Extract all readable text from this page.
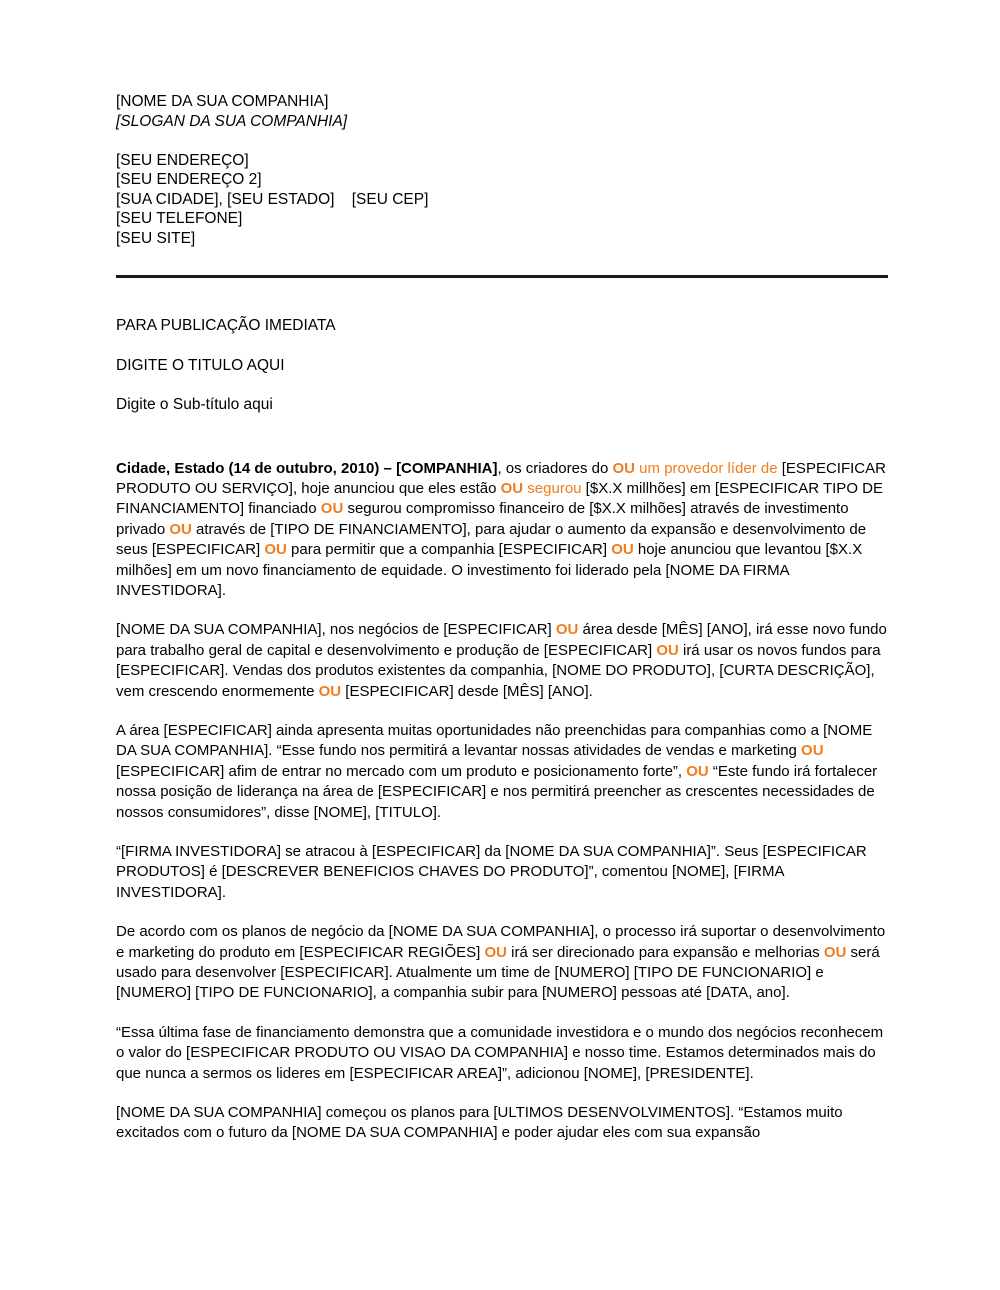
[NOME DA SUA COMPANHIA]
[SLOGAN DA SUA COMPANHIA]
[SEU ENDEREÇO]
[SEU ENDEREÇO 2]
[SUA CIDADE], [SEU ESTADO]    [SEU CEP]
[SEU TELEFONE]
[SEU SITE]
PARA PUBLICAÇÃO IMEDIATA
DIGITE O TITULO AQUI
Digite o Sub-título aqui

Cidade, Estado (14 de outubro, 2010) – [COMPANHIA], os criadores do OU um provedor líder de [ESPECIFICAR PRODUTO OU SERVIÇO], hoje anunciou que eles estão OU segurou [$X.X millhões] em [ESPECIFICAR TIPO DE FINANCIAMENTO] financiado OU segurou compromisso financeiro de [$X.X milhões] através de investimento privado OU através de [TIPO DE FINANCIAMENTO], para ajudar o aumento da expansão e desenvolvimento de seus [ESPECIFICAR] OU para permitir que a companhia [ESPECIFICAR] OU hoje anunciou que levantou [$X.X milhões] em um novo financiamento de equidade. O investimento foi liderado pela [NOME DA FIRMA INVESTIDORA].

[NOME DA SUA COMPANHIA], nos negócios de [ESPECIFICAR] OU área desde [MÊS] [ANO], irá esse novo fundo para trabalho geral de capital e desenvolvimento e produção de [ESPECIFICAR] OU irá usar os novos fundos para [ESPECIFICAR]. Vendas dos produtos existentes da companhia, [NOME DO PRODUTO], [CURTA DESCRIÇÃO], vem crescendo enormemente OU [ESPECIFICAR] desde [MÊS] [ANO].

A área [ESPECIFICAR] ainda apresenta muitas oportunidades não preenchidas para companhias como a [NOME DA SUA COMPANHIA]. “Esse fundo nos permitirá a levantar nossas atividades de vendas e marketing OU [ESPECIFICAR] afim de entrar no mercado com um produto e posicionamento forte”, OU “Este fundo irá fortalecer nossa posição de liderança na área de [ESPECIFICAR] e nos permitirá preencher as crescentes necessidades de nossos consumidores”, disse [NOME], [TITULO].

“[FIRMA INVESTIDORA] se atracou à [ESPECIFICAR] da [NOME DA SUA COMPANHIA]”. Seus [ESPECIFICAR PRODUTOS] é [DESCREVER BENEFICIOS CHAVES DO PRODUTO]”, comentou [NOME], [FIRMA INVESTIDORA].

De acordo com os planos de negócio da [NOME DA SUA COMPANHIA], o processo irá suportar o desenvolvimento e marketing do produto em [ESPECIFICAR REGIÕES] OU irá ser direcionado para expansão e melhorias OU será usado para desenvolver [ESPECIFICAR]. Atualmente um time de [NUMERO] [TIPO DE FUNCIONARIO] e [NUMERO] [TIPO DE FUNCIONARIO], a companhia subir para [NUMERO] pessoas até [DATA, ano].

“Essa última fase de financiamento demonstra que a comunidade investidora e o mundo dos negócios reconhecem o valor do [ESPECIFICAR PRODUTO OU VISAO DA COMPANHIA] e nosso time. Estamos determinados mais do que nunca a sermos os lideres em [ESPECIFICAR AREA]”, adicionou [NOME], [PRESIDENTE].

[NOME DA SUA COMPANHIA] começou os planos para [ULTIMOS DESENVOLVIMENTOS]. “Estamos muito excitados com o futuro da [NOME DA SUA COMPANHIA] e poder ajudar eles com sua expansão
